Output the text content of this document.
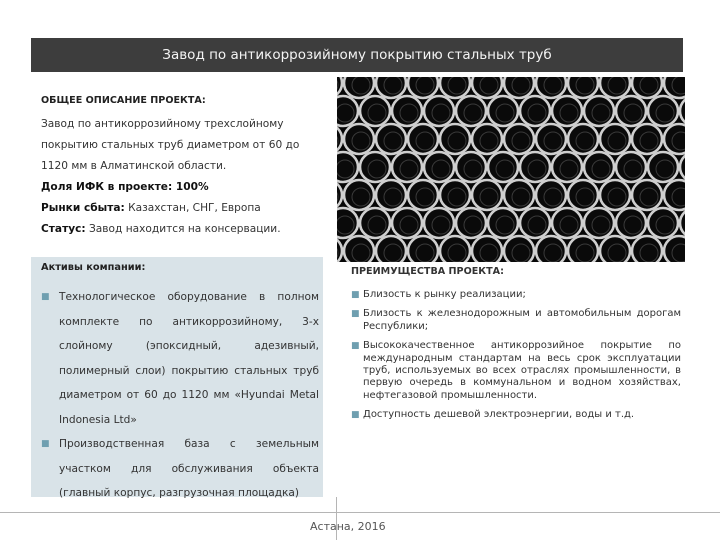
Завод по антикоррозийному покрытию стальных труб
ОБЩЕЕ ОПИСАНИЕ ПРОЕКТА:
Завод по антикоррозийному трехслойному покрытию стальных труб диаметром от 60 до 1120 мм в Алматинской области.
Доля ИФК в проекте: 100%
Рынки сбыта: Казахстан, СНГ, Европа
Статус: Завод находится на консервации.
Активы компании:
■ Технологическое оборудование в полном комплекте по антикоррозийному, 3-х слойному (эпоксидный, адезивный, полимерный слои) покрытию стальных труб диаметром от 60 до 1120 мм «Hyundai Metal Indonesia Ltd»
■ Производственная база с земельным участком для обслуживания объекта (главный корпус, разгрузочная площадка)
ПРЕИМУЩЕСТВА ПРОЕКТА:
■ Близость к рынку реализации;
■ Близость к железнодорожным и автомобильным дорогам Республики;
■ Высококачественное антикоррозийное покрытие по международным стандартам на весь срок эксплуатации труб, используемых во всех отраслях промышленности, в первую очередь в коммунальном и водном хозяйствах, нефтегазовой промышленности.
■ Доступность дешевой электроэнергии, воды и т.д.
Астана, 2016
